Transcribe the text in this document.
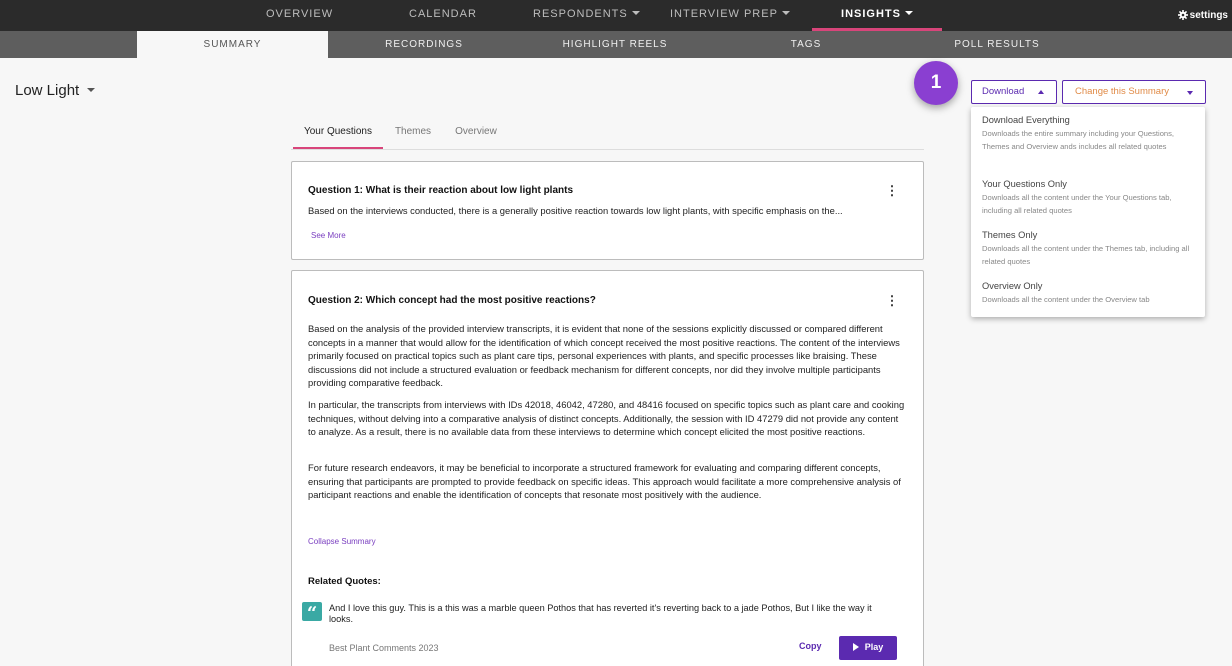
OVERVIEW	CALENDAR	RESPONDENTS	INTERVIEW PREP	INSIGHTS	settings
SUMMARY	RECORDINGS	HIGHLIGHT REELS	TAGS	POLL RESULTS
Low Light
Your Questions	Themes	Overview
Question 1: What is their reaction about low light plants	⋮
Based on the interviews conducted, there is a generally positive reaction towards low light plants, with specific emphasis on the...
See More
Question 2: Which concept had the most positive reactions?	⋮
Based on the analysis of the provided interview transcripts, it is evident that none of the sessions explicitly discussed or compared different concepts in a manner that would allow for the identification of which concept received the most positive reactions. The content of the interviews primarily focused on practical topics such as plant care tips, personal experiences with plants, and specific processes like braising. These discussions did not include a structured evaluation or feedback mechanism for different concepts, nor did they involve multiple participants providing comparative feedback.
In particular, the transcripts from interviews with IDs 42018, 46042, 47280, and 48416 focused on specific topics such as plant care and cooking techniques, without delving into a comparative analysis of distinct concepts. Additionally, the session with ID 47279 did not provide any content to analyze. As a result, there is no available data from these interviews to determine which concept elicited the most positive reactions.
For future research endeavors, it may be beneficial to incorporate a structured framework for evaluating and comparing different concepts, ensuring that participants are prompted to provide feedback on specific ideas. This approach would facilitate a more comprehensive analysis of participant reactions and enable the identification of concepts that resonate most positively with the audience.
Collapse Summary
Related Quotes:
“	And I love this guy. This is a this was a marble queen Pothos that has reverted it's reverting back to a jade Pothos, But I like the way it looks.
Best Plant Comments 2023	Copy	Play
1	Download	Change this Summary
Download Everything
Downloads the entire summary including your Questions, Themes and Overview ands includes all related quotes
Your Questions Only
Downloads all the content under the Your Questions tab, including all related quotes
Themes Only
Downloads all the content under the Themes tab, including all related quotes
Overview Only
Downloads all the content under the Overview tab
